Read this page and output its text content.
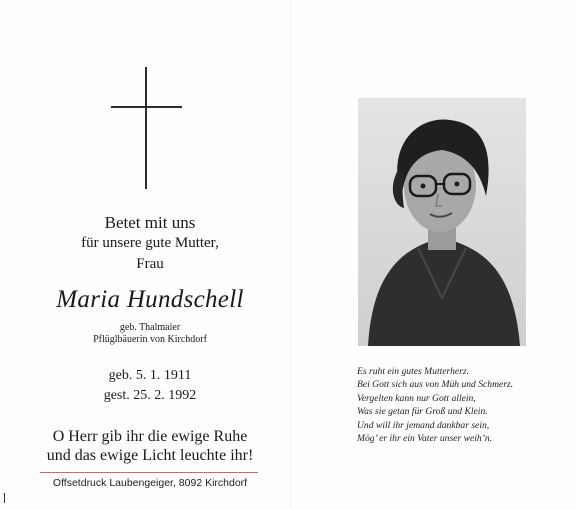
Betet mit uns
für unsere gute Mutter,
Frau
Maria Hundschell
geb. Thalmaier
Pflüglbäuerin von Kirchdorf
geb. 5. 1. 1911
gest. 25. 2. 1992
O Herr gib ihr die ewige Ruhe
und das ewige Licht leuchte ihr!
Offsetdruck Laubengeiger, 8092 Kirchdorf
Es ruht ein gutes Mutterherz.
Bei Gott sich aus von Müh und Schmerz.
Vergelten kann nur Gott allein,
Was sie getan für Groß und Klein.
Und will ihr jemand dankbar sein,
Mög’ er ihr ein Vater unser weih’n.
